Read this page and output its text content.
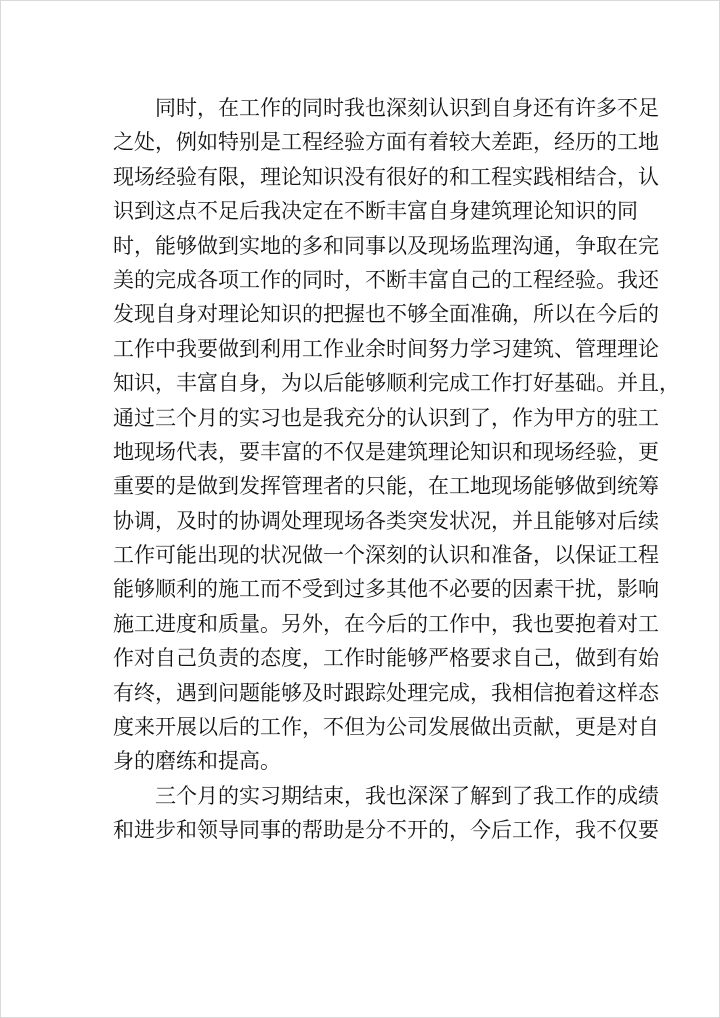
同时，在工作的同时我也深刻认识到自身还有许多不足
之处，例如特别是工程经验方面有着较大差距，经历的工地
现场经验有限，理论知识没有很好的和工程实践相结合，认
识到这点不足后我决定在不断丰富自身建筑理论知识的同
时，能够做到实地的多和同事以及现场监理沟通，争取在完
美的完成各项工作的同时，不断丰富自己的工程经验。我还
发现自身对理论知识的把握也不够全面准确，所以在今后的
工作中我要做到利用工作业余时间努力学习建筑、管理理论
知识，丰富自身，为以后能够顺利完成工作打好基础。并且，
通过三个月的实习也是我充分的认识到了，作为甲方的驻工
地现场代表，要丰富的不仅是建筑理论知识和现场经验，更
重要的是做到发挥管理者的只能，在工地现场能够做到统筹
协调，及时的协调处理现场各类突发状况，并且能够对后续
工作可能出现的状况做一个深刻的认识和准备，以保证工程
能够顺利的施工而不受到过多其他不必要的因素干扰，影响
施工进度和质量。另外，在今后的工作中，我也要抱着对工
作对自己负责的态度，工作时能够严格要求自己，做到有始
有终，遇到问题能够及时跟踪处理完成，我相信抱着这样态
度来开展以后的工作，不但为公司发展做出贡献，更是对自
身的磨练和提高。
三个月的实习期结束，我也深深了解到了我工作的成绩
和进步和领导同事的帮助是分不开的，今后工作，我不仅要
